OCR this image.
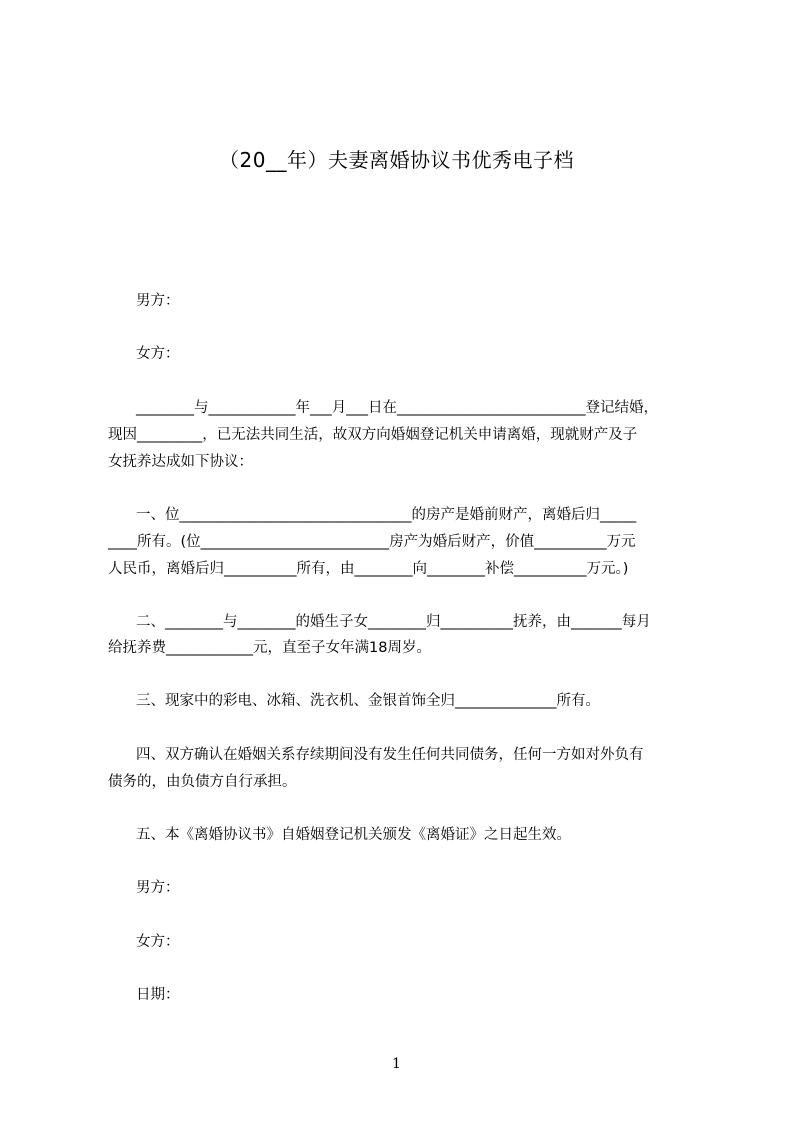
（20__年）夫妻离婚协议书优秀电子档
男方：
女方：
________与____________年___月___日在__________________________登记结婚，
现因_________，已无法共同生活，故双方向婚姻登记机关申请离婚，现就财产及子
女抚养达成如下协议：
一、位________________________________的房产是婚前财产，离婚后归_____
____所有。(位__________________________房产为婚后财产，价值__________万元
人民币，离婚后归__________所有，由________向________补偿__________万元。)
二、________与________的婚生子女________归__________抚养，由_______每月
给抚养费____________元，直至子女年满18周岁。
三、现家中的彩电、冰箱、洗衣机、金银首饰全归______________所有。
四、双方确认在婚姻关系存续期间没有发生任何共同债务，任何一方如对外负有
债务的，由负债方自行承担。
五、本《离婚协议书》自婚姻登记机关颁发《离婚证》之日起生效。
男方：
女方：
日期：
1
